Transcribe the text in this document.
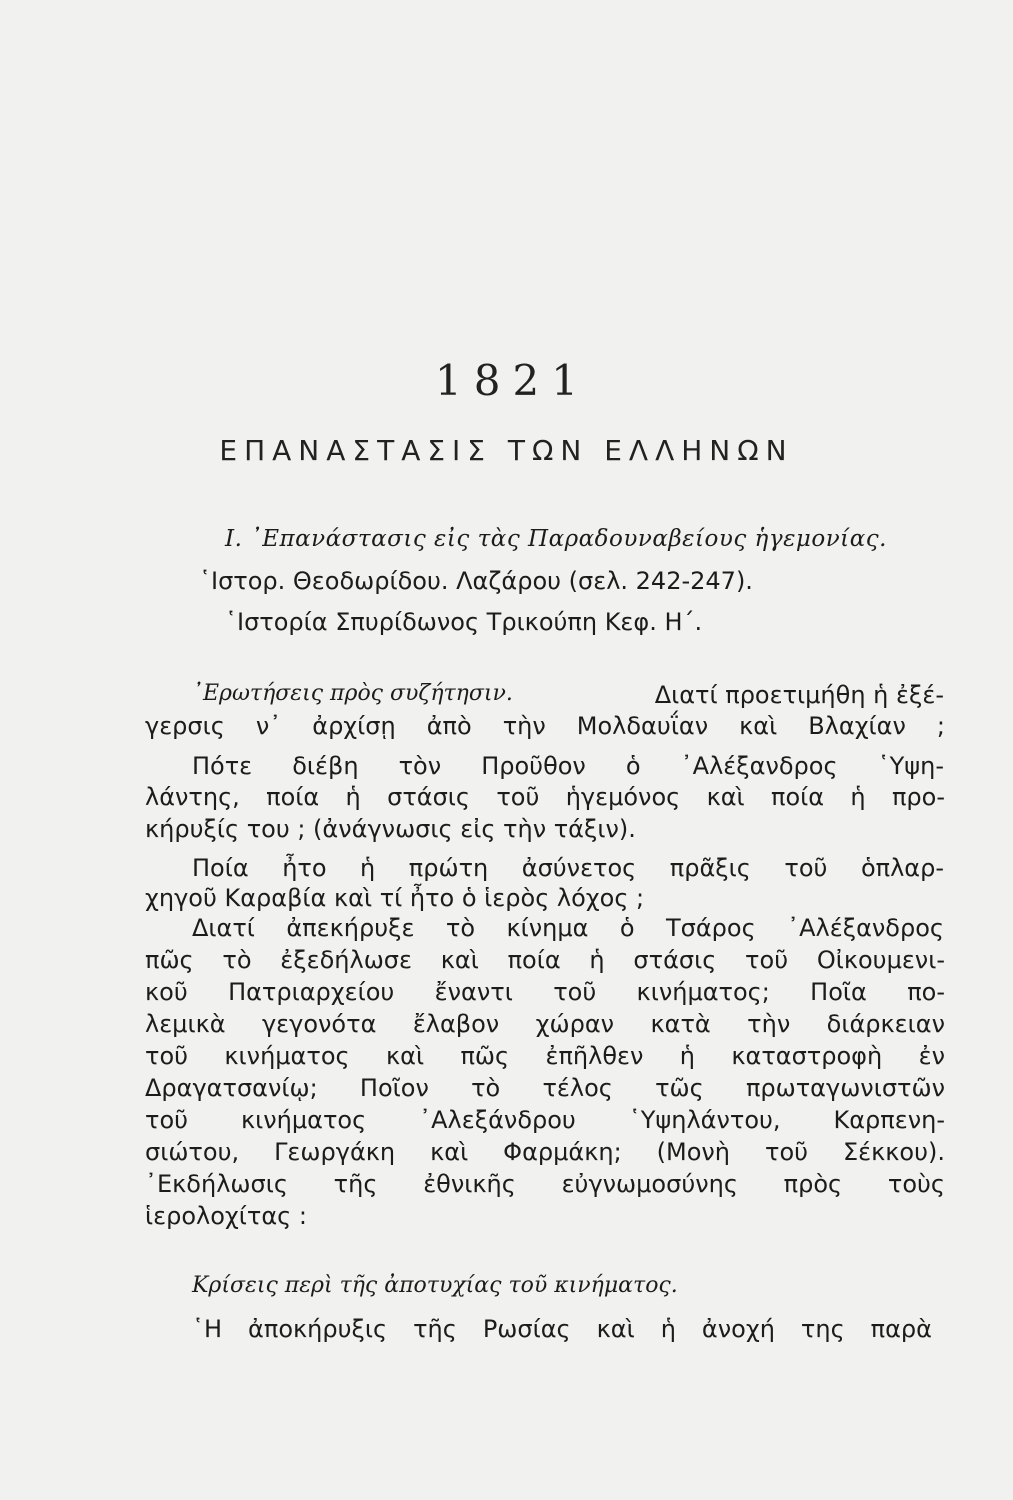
1821
ΕΠΑΝΑΣΤΑΣΙΣ ΤΩΝ ΕΛΛΗΝΩΝ
Ι. ᾽Επανάστασις εἰς τὰς Παραδουναβείους ἡγεμονίας.
῾Ιστορ. Θεοδωρίδου. Λαζάρου (σελ. 242-247).
῾Ιστορία Σπυρίδωνος Τρικούπη Κεφ. Η΄.
᾽Ερωτήσεις πρὸς συζήτησιν.	Διατί προετιμήθη ἡ ἐξέ-
γερσις ν᾽ ἀρχίσῃ ἀπὸ τὴν Μολδαυΐαν καὶ Βλαχίαν ;
Πότε διέβη τὸν Προῦθον ὁ ᾽Αλέξανδρος ῾Υψη-
λάντης, ποία ἡ στάσις τοῦ ἡγεμόνος καὶ ποία ἡ προ-
κήρυξίς του ; (ἀνάγνωσις εἰς τὴν τάξιν).
Ποία ἦτο ἡ πρώτη ἀσύνετος πρᾶξις τοῦ ὁπλαρ-
χηγοῦ Καραβία καὶ τί ἦτο ὁ ἱερὸς λόχος ;
Διατί ἀπεκήρυξε τὸ κίνημα ὁ Τσάρος ᾽Αλέξανδρος
πῶς τὸ ἐξεδήλωσε καὶ ποία ἡ στάσις τοῦ Οἰκουμενι-
κοῦ Πατριαρχείου ἔναντι τοῦ κινήματος; Ποῖα πο-
λεμικὰ γεγονότα ἔλαβον χώραν κατὰ τὴν διάρκειαν
τοῦ κινήματος καὶ πῶς ἐπῆλθεν ἡ καταστροφὴ ἐν
Δραγατσανίῳ; Ποῖον τὸ τέλος τῶς πρωταγωνιστῶν
τοῦ κινήματος ᾽Αλεξάνδρου ῾Υψηλάντου, Καρπενη-
σιώτου, Γεωργάκη καὶ Φαρμάκη; (Μονὴ τοῦ Σέκκου).
᾽Εκδήλωσις τῆς ἐθνικῆς εὐγνωμοσύνης πρὸς τοὺς
ἱερολοχίτας :
Κρίσεις περὶ τῆς ἀποτυχίας τοῦ κινήματος.
῾Η ἀποκήρυξις τῆς Ρωσίας καὶ ἡ ἀνοχή της παρὰ
